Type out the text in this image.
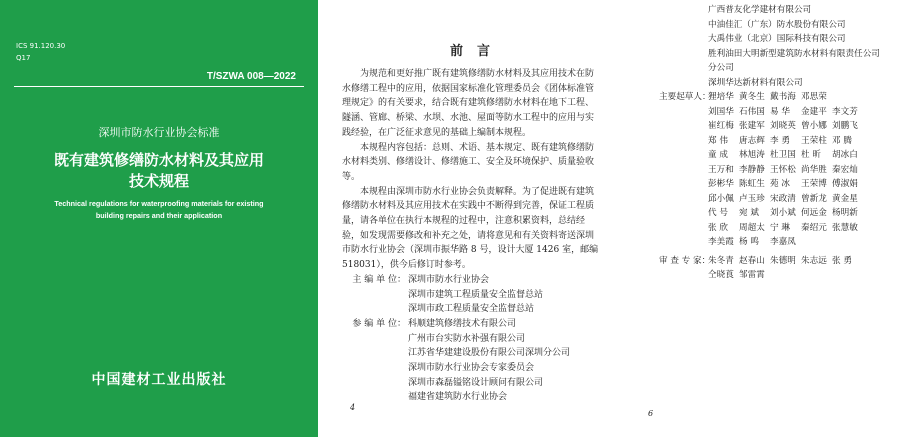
ICS 91.120.30
Q17
T/SZWA 008—2022
深圳市防水行业协会标准
既有建筑修缮防水材料及其应用
技术规程
Technical regulations for waterproofing materials for existing
building repairs and their application
中国建材工业出版社
前言

为规范和更好推广既有建筑修缮防水材料及其应用技术在防水修缮工程中的应用，依据国家标准化管理委员会《团体标准管理规定》的有关要求，结合既有建筑修缮防水材料在地下工程、隧涵、管廊、桥梁、水坝、水池、屋面等防水工程中的应用与实践经验，在广泛征求意见的基础上编制本规程。

本规程内容包括：总则、术语、基本规定、既有建筑修缮防水材料类别、修缮设计、修缮施工、安全及环境保护、质量验收等。

本规程由深圳市防水行业协会负责解释。为了促进既有建筑修缮防水材料及其应用技术在实践中不断得到完善，保证工程质量，请各单位在执行本规程的过程中，注意积累资料，总结经验，如发现需要修改和补充之处，请将意见和有关资料寄送深圳市防水行业协会（深圳市振华路 8 号，设计大厦 1426 室，邮编518031），供今后修订时参考。

主 编 单 位： 深圳市防水行业协会
深圳市建筑工程质量安全监督总站
深圳市政工程质量安全监督总站
参 编 单 位： 科顺建筑修缮技术有限公司
广州市台实防水补强有限公司
江苏省华建建设股份有限公司深圳分公司
深圳市防水行业协会专家委员会
深圳市森磊镒铭设计顾问有限公司
福建省建筑防水行业协会
4
广西普友化学建材有限公司
中油佳汇（广东）防水股份有限公司
大禹伟业（北京）国际科技有限公司
胜利油田大明新型建筑防水材料有限责任公司
分公司
深圳华达新材料有限公司
主要起草人：
狸培华 黄冬生 戴书海 邓思荣
刘国华 石伟国 易 华	金建平 李文芳
崔红梅 张建军 刘晓英 曾小娜 刘鹏飞
郑 伟	唐志辉 李 勇	王荣柱 邓 腾
童 成	林旭涛 杜卫国 杜 昕	胡冰白
王万和 李静静 王怀松 尚华胜 秦宏灿
彭彬华 陈虹生 苑 冰	王荣博 傅淑娟
邱小佩 卢玉珍 宋政清 曾新龙 黄金星
代 号	宛 斌	刘小斌 何远金 杨明新
张 欣	周超太 宁 琳	秦绍元 张慧敏
李美霞 杨 鸣	李嘉凤
审 查 专 家：
朱冬青 赵春山 朱德明 朱志远 张 勇
仝晓莨 邹雷霄
6
